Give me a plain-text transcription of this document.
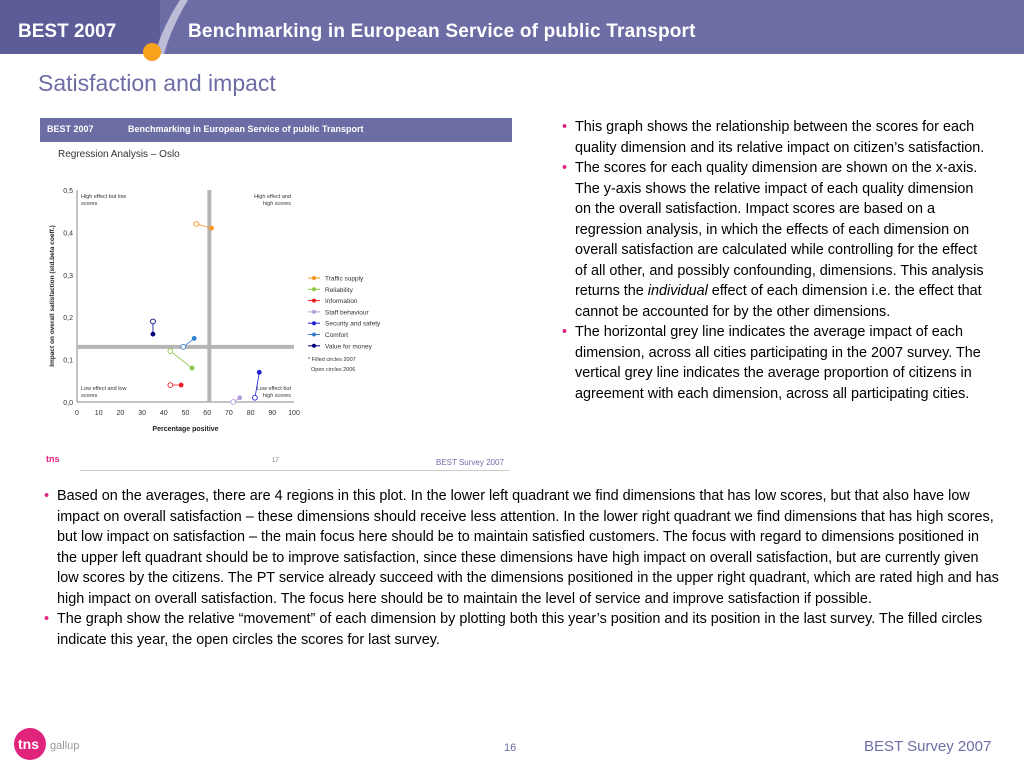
BEST 2007	Benchmarking in European Service of public Transport
Satisfaction and impact
BEST 2007	Benchmarking in European Service of public Transport
Regression Analysis – Oslo
0 10 20 30 40 50 60 70 80 90 100
0,0
0,1
0,2
0,3
0,4
0,5
Percentage positive
Impact on overall satisfaction (std.beta coeff.)
High effect but low
scores
High effect and
high scores
Low effect and low
scores
Low effect but
high scores
Traffic supply
Reliability
Information
Staff behaviour
Security and safety
Comfort
Value for money
* Filled circles 2007
Open circles 2006
tns	17	BEST Survey 2007
• This graph shows the relationship between the scores for each quality dimension and its relative impact on citizen’s satisfaction.
• The scores for each quality dimension are shown on the x-axis. The y-axis shows the relative impact of each quality dimension on the overall satisfaction. Impact scores are based on a regression analysis, in which the effects of each dimension on overall satisfaction are calculated while controlling for the effect of all other, and possibly confounding, dimensions. This analysis returns the individual effect of each dimension i.e. the effect that cannot be accounted for by the other dimensions.
• The horizontal grey line indicates the average impact of each dimension, across all cities participating in the 2007 survey. The vertical grey line indicates the average proportion of citizens in agreement with each dimension, across all participating cities.
• Based on the averages, there are 4 regions in this plot. In the lower left quadrant we find dimensions that has low scores, but that also have low impact on overall satisfaction – these dimensions should receive less attention. In the lower right quadrant we find dimensions that has high scores, but low impact on satisfaction – the main focus here should be to maintain satisfied customers. The focus with regard to dimensions positioned in the upper left quadrant should be to improve satisfaction, since these dimensions have high impact on overall satisfaction, but are currently given low scores by the citizens. The PT service already succeed with the dimensions positioned in the upper right quadrant, which are rated high and has high impact on overall satisfaction. The focus here should be to maintain the level of service and improve satisfaction if possible.
• The graph show the relative “movement” of each dimension by plotting both this year’s position and its position in the last survey. The filled circles indicate this year, the open circles the scores for last survey.
tns gallup	16	BEST Survey 2007
